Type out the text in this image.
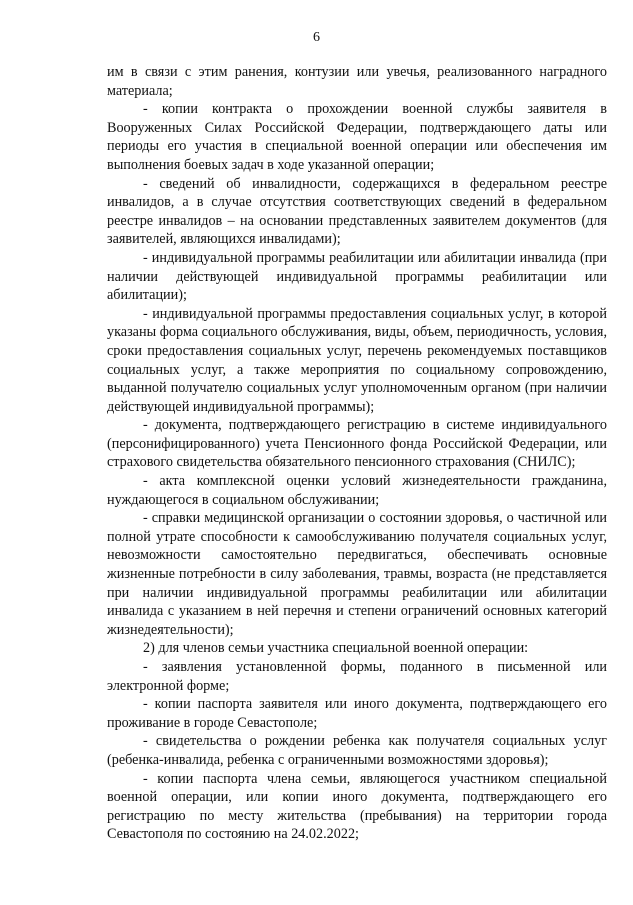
6

им в связи с этим ранения, контузии или увечья, реализованного наградного материала;

- копии контракта о прохождении военной службы заявителя в Вооруженных Силах Российской Федерации, подтверждающего даты или периоды его участия в специальной военной операции или обеспечения им выполнения боевых задач в ходе указанной операции;

- сведений об инвалидности, содержащихся в федеральном реестре инвалидов, а в случае отсутствия соответствующих сведений в федеральном реестре инвалидов – на основании представленных заявителем документов (для заявителей, являющихся инвалидами);

- индивидуальной программы реабилитации или абилитации инвалида (при наличии действующей индивидуальной программы реабилитации или абилитации);

- индивидуальной программы предоставления социальных услуг, в которой указаны форма социального обслуживания, виды, объем, периодичность, условия, сроки предоставления социальных услуг, перечень рекомендуемых поставщиков социальных услуг, а также мероприятия по социальному сопровождению, выданной получателю социальных услуг уполномоченным органом (при наличии действующей индивидуальной программы);

- документа, подтверждающего регистрацию в системе индивидуального (персонифицированного) учета Пенсионного фонда Российской Федерации, или страхового свидетельства обязательного пенсионного страхования (СНИЛС);

- акта комплексной оценки условий жизнедеятельности гражданина, нуждающегося в социальном обслуживании;

- справки медицинской организации о состоянии здоровья, о частичной или полной утрате способности к самообслуживанию получателя социальных услуг, невозможности самостоятельно передвигаться, обеспечивать основные жизненные потребности в силу заболевания, травмы, возраста (не представляется при наличии индивидуальной программы реабилитации или абилитации инвалида с указанием в ней перечня и степени ограничений основных категорий жизнедеятельности);

2) для членов семьи участника специальной военной операции:

- заявления установленной формы, поданного в письменной или электронной форме;

- копии паспорта заявителя или иного документа, подтверждающего его проживание в городе Севастополе;

- свидетельства о рождении ребенка как получателя социальных услуг (ребенка-инвалида, ребенка с ограниченными возможностями здоровья);

- копии паспорта члена семьи, являющегося участником специальной военной операции, или копии иного документа, подтверждающего его регистрацию по месту жительства (пребывания) на территории города Севастополя по состоянию на 24.02.2022;
